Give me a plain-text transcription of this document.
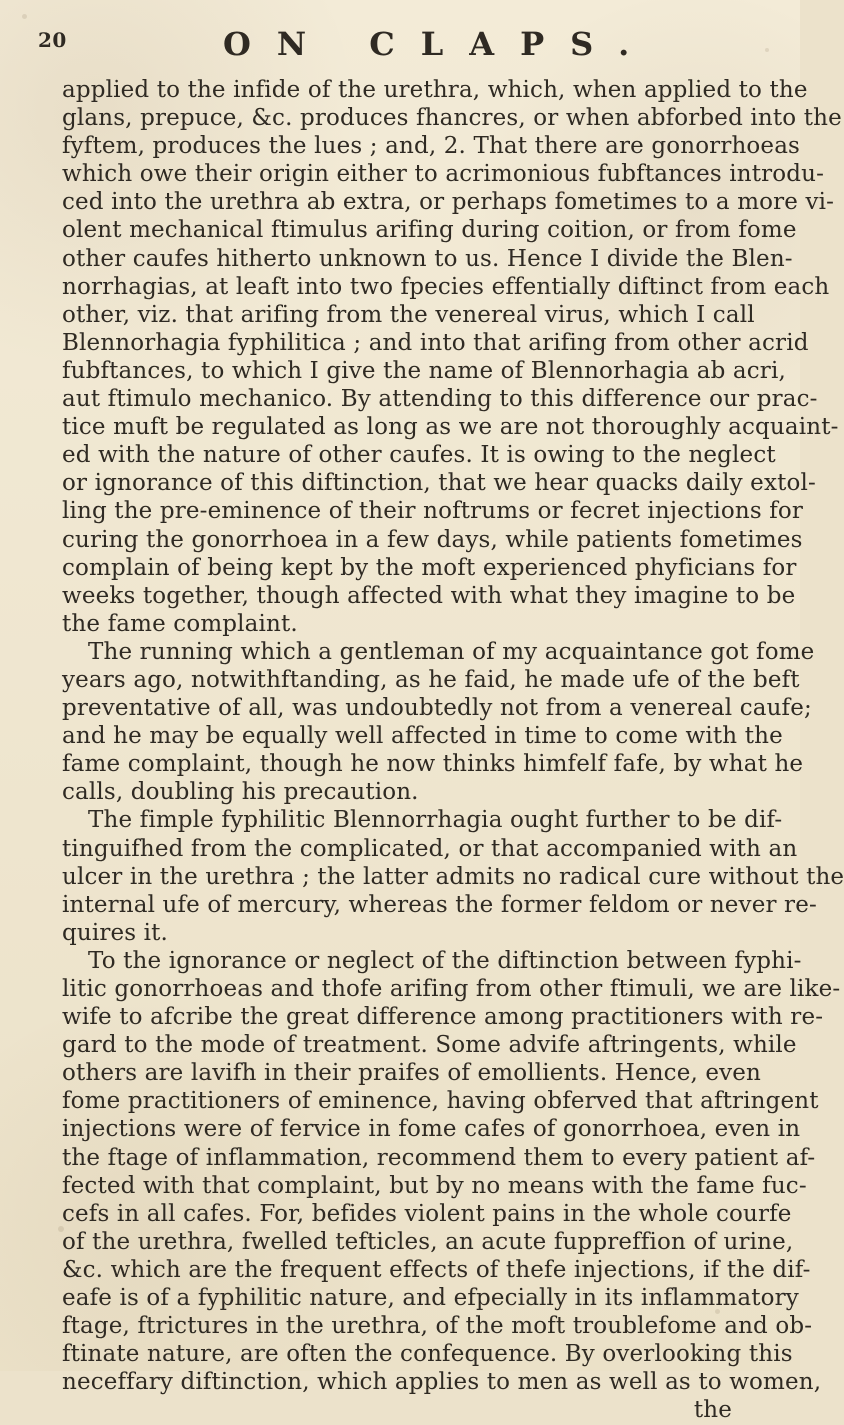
20	ON CLAPS.
applied to the infide of the urethra, which, when applied to the
glans, prepuce, &c. produces fhancres, or when abforbed into the
fyftem, produces the lues ; and, 2. That there are gonorrhoeas
which owe their origin either to acrimonious fubftances introdu-
ced into the urethra ab extra, or perhaps fometimes to a more vi-
olent mechanical ftimulus arifing during coition, or from fome
other caufes hitherto unknown to us. Hence I divide the Blen-
norrhagias, at leaft into two fpecies effentially diftinct from each
other, viz. that arifing from the venereal virus, which I call
Blennorhagia fyphilitica ; and into that arifing from other acrid
fubftances, to which I give the name of Blennorhagia ab acri,
aut ftimulo mechanico. By attending to this difference our prac-
tice muft be regulated as long as we are not thoroughly acquaint-
ed with the nature of other caufes. It is owing to the neglect
or ignorance of this diftinction, that we hear quacks daily extol-
ling the pre-eminence of their noftrums or fecret injections for
curing the gonorrhoea in a few days, while patients fometimes
complain of being kept by the moft experienced phyficians for
weeks together, though affected with what they imagine to be
the fame complaint.
The running which a gentleman of my acquaintance got fome
years ago, notwithftanding, as he faid, he made ufe of the beft
preventative of all, was undoubtedly not from a venereal caufe;
and he may be equally well affected in time to come with the
fame complaint, though he now thinks himfelf fafe, by what he
calls, doubling his precaution.
The fimple fyphilitic Blennorrhagia ought further to be dif-
tinguifhed from the complicated, or that accompanied with an
ulcer in the urethra ; the latter admits no radical cure without the
internal ufe of mercury, whereas the former feldom or never re-
quires it.
To the ignorance or neglect of the diftinction between fyphi-
litic gonorrhoeas and thofe arifing from other ftimuli, we are like-
wife to afcribe the great difference among practitioners with re-
gard to the mode of treatment. Some advife aftringents, while
others are lavifh in their praifes of emollients. Hence, even
fome practitioners of eminence, having obferved that aftringent
injections were of fervice in fome cafes of gonorrhoea, even in
the ftage of inflammation, recommend them to every patient af-
fected with that complaint, but by no means with the fame fuc-
cefs in all cafes. For, befides violent pains in the whole courfe
of the urethra, fwelled tefticles, an acute fuppreffion of urine,
&c. which are the frequent effects of thefe injections, if the dif-
eafe is of a fyphilitic nature, and efpecially in its inflammatory
ftage, ftrictures in the urethra, of the moft troublefome and ob-
ftinate nature, are often the confequence. By overlooking this
neceffary diftinction, which applies to men as well as to women,
the
